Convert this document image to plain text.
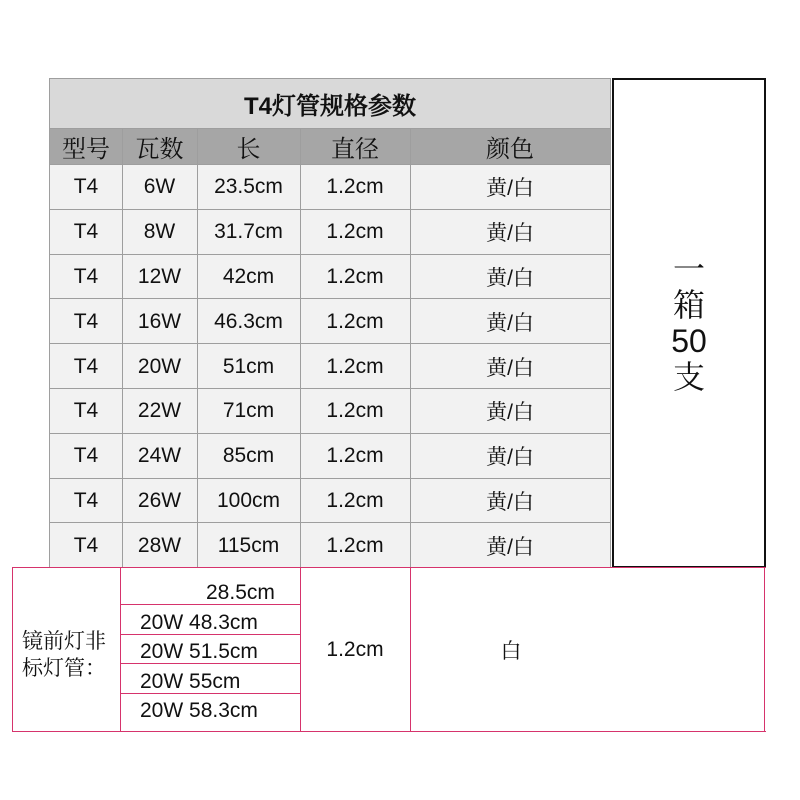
T4灯管规格参数
型号	瓦数	长	直径	颜色
T4	6W	23.5cm	1.2cm	黄/白
T4	8W	31.7cm	1.2cm	黄/白
T4	12W	42cm	1.2cm	黄/白
T4	16W	46.3cm	1.2cm	黄/白
T4	20W	51cm	1.2cm	黄/白
T4	22W	71cm	1.2cm	黄/白
T4	24W	85cm	1.2cm	黄/白
T4	26W	100cm	1.2cm	黄/白
T4	28W	115cm	1.2cm	黄/白
一箱50支
镜前灯非标灯管：
28.5cm
20W 48.3cm
20W 51.5cm
20W 55cm
20W 58.3cm
1.2cm	白
